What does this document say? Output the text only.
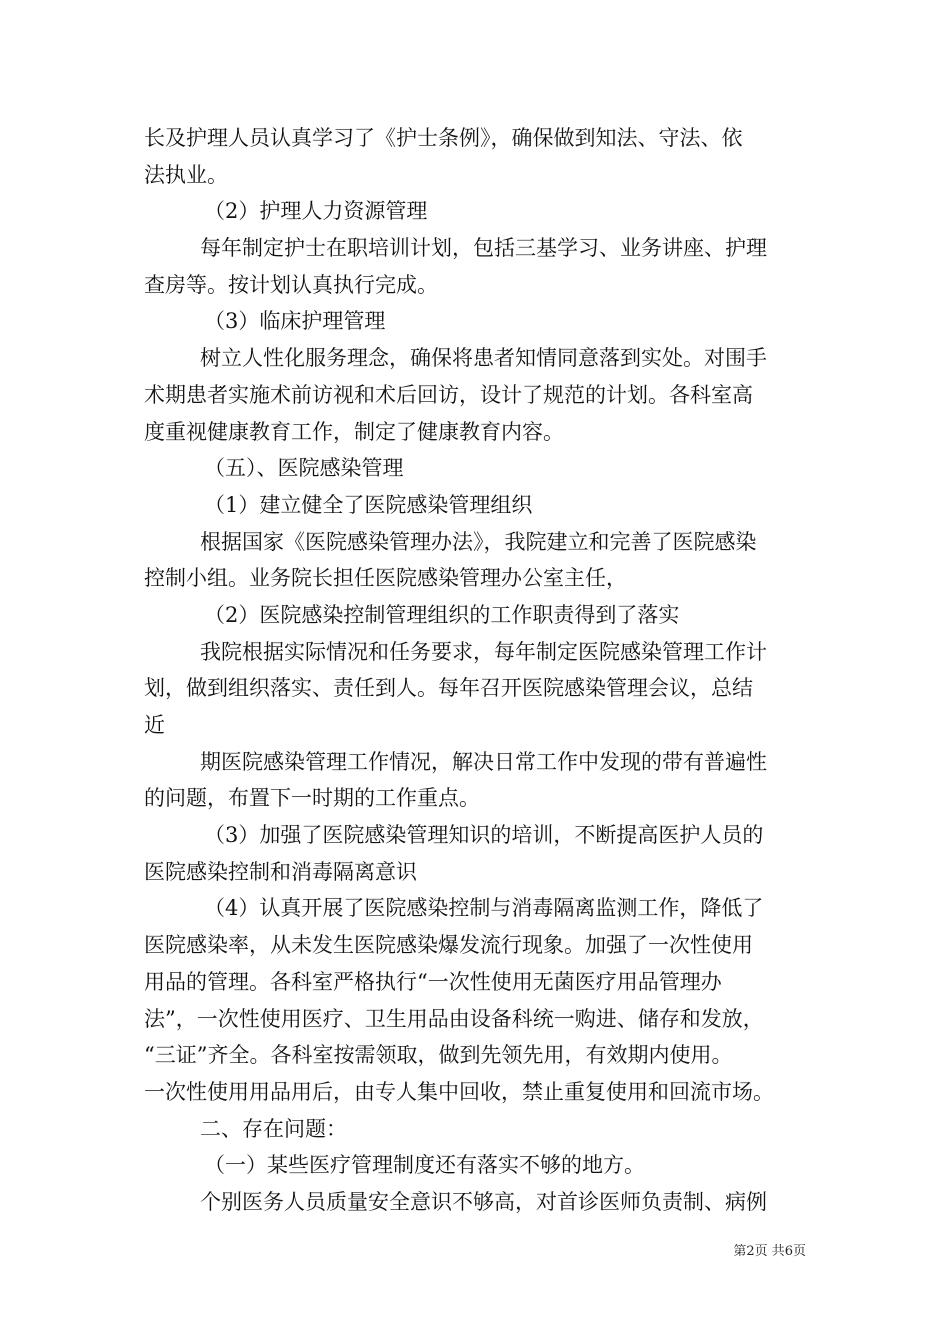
长及护理人员认真学习了《护士条例》，确保做到知法、守法、依
法执业。
（2）护理人力资源管理
每年制定护士在职培训计划，包括三基学习、业务讲座、护理
查房等。按计划认真执行完成。
（3）临床护理管理
树立人性化服务理念，确保将患者知情同意落到实处。对围手
术期患者实施术前访视和术后回访，设计了规范的计划。各科室高
度重视健康教育工作，制定了健康教育内容。
（五）、医院感染管理
（1）建立健全了医院感染管理组织
根据国家《医院感染管理办法》，我院建立和完善了医院感染
控制小组。业务院长担任医院感染管理办公室主任，
（2）医院感染控制管理组织的工作职责得到了落实
我院根据实际情况和任务要求，每年制定医院感染管理工作计
划，做到组织落实、责任到人。每年召开医院感染管理会议，总结
近
期医院感染管理工作情况，解决日常工作中发现的带有普遍性
的问题，布置下一时期的工作重点。
（3）加强了医院感染管理知识的培训，不断提高医护人员的
医院感染控制和消毒隔离意识
（4）认真开展了医院感染控制与消毒隔离监测工作，降低了
医院感染率，从未发生医院感染爆发流行现象。加强了一次性使用
用品的管理。各科室严格执行“一次性使用无菌医疗用品管理办
法”，一次性使用医疗、卫生用品由设备科统一购进、储存和发放，
“三证”齐全。各科室按需领取，做到先领先用，有效期内使用。
一次性使用用品用后，由专人集中回收，禁止重复使用和回流市场。
二、存在问题：
（一）某些医疗管理制度还有落实不够的地方。
个别医务人员质量安全意识不够高，对首诊医师负责制、病例
第2页 共6页
